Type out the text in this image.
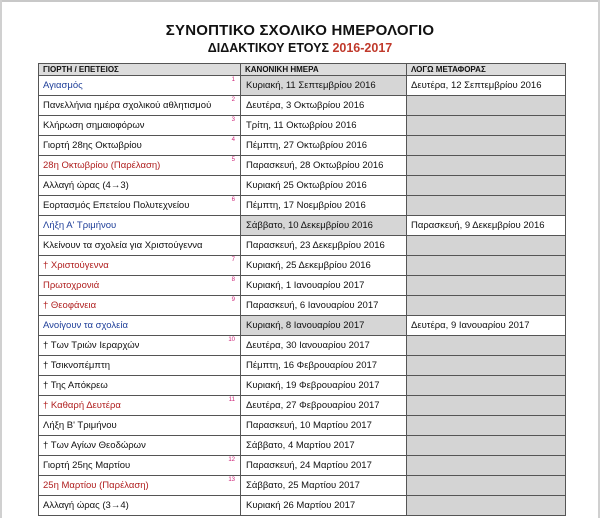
ΣΥΝΟΠΤΙΚΟ ΣΧΟΛΙΚΟ ΗΜΕΡΟΛΟΓΙΟ
ΔΙΔΑΚΤΙΚΟΥ ΕΤΟΥΣ 2016-2017
ΓΙΟΡΤΗ / ΕΠΕΤΕΙΟΣ	ΚΑΝΟΝΙΚΗ ΗΜΕΡΑ	ΛΟΓΩ ΜΕΤΑΦΟΡΑΣ
Αγιασμός 1	Κυριακή, 11 Σεπτεμβρίου 2016	Δευτέρα, 12 Σεπτεμβρίου 2016
Πανελλήνια ημέρα σχολικού αθλητισμού 2	Δευτέρα, 3 Οκτωβρίου 2016	
Κλήρωση σημαιοφόρων 3	Τρίτη, 11 Οκτωβρίου 2016	
Γιορτή 28ης Οκτωβρίου 4	Πέμπτη, 27 Οκτωβρίου 2016	
28η Οκτωβρίου (Παρέλαση) 5	Παρασκευή, 28 Οκτωβρίου 2016	
Αλλαγή ώρας (4→3)	Κυριακή 25 Οκτωβρίου 2016	
Εορτασμός Επετείου Πολυτεχνείου 6	Πέμπτη, 17 Νοεμβρίου 2016	
Λήξη Α' Τριμήνου	Σάββατο, 10 Δεκεμβρίου 2016	Παρασκευή, 9 Δεκεμβρίου 2016
Κλείνουν τα σχολεία για Χριστούγεννα	Παρασκευή, 23 Δεκεμβρίου 2016	
† Χριστούγεννα 7	Κυριακή, 25 Δεκεμβρίου 2016	
Πρωτοχρονιά 8	Κυριακή, 1 Ιανουαρίου 2017	
† Θεοφάνεια 9	Παρασκευή, 6 Ιανουαρίου 2017	
Ανοίγουν τα σχολεία	Κυριακή, 8 Ιανουαρίου 2017	Δευτέρα, 9 Ιανουαρίου 2017
† Των Τριών Ιεραρχών 10	Δευτέρα, 30 Ιανουαρίου 2017	
† Τσικνοπέμπτη	Πέμπτη, 16 Φεβρουαρίου 2017	
† Της Απόκρεω	Κυριακή, 19 Φεβρουαρίου 2017	
† Καθαρή Δευτέρα 11	Δευτέρα, 27 Φεβρουαρίου 2017	
Λήξη Β' Τριμήνου	Παρασκευή, 10 Μαρτίου 2017	
† Των Αγίων Θεοδώρων	Σάββατο, 4 Μαρτίου 2017	
Γιορτή 25ης Μαρτίου 12	Παρασκευή, 24 Μαρτίου 2017	
25η Μαρτίου (Παρέλαση) 13	Σάββατο, 25 Μαρτίου 2017	
Αλλαγή ώρας (3→4)	Κυριακή 26 Μαρτίου 2017	
